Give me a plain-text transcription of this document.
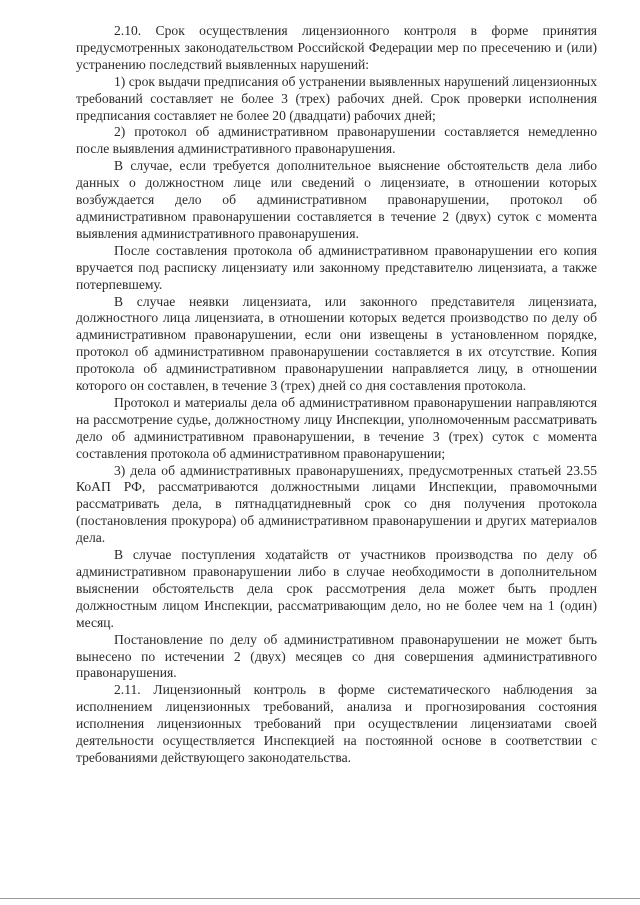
2.10. Срок осуществления лицензионного контроля в форме принятия предусмотренных законодательством Российской Федерации мер по пресечению и (или) устранению последствий выявленных нарушений:

1) срок выдачи предписания об устранении выявленных нарушений лицензионных требований составляет не более 3 (трех) рабочих дней. Срок проверки исполнения предписания составляет не более 20 (двадцати) рабочих дней;

2) протокол об административном правонарушении составляется немедленно после выявления административного правонарушения.

В случае, если требуется дополнительное выяснение обстоятельств дела либо данных о должностном лице или сведений о лицензиате, в отношении которых возбуждается дело об административном правонарушении, протокол об административном правонарушении составляется в течение 2 (двух) суток с момента выявления административного правонарушения.

После составления протокола об административном правонарушении его копия вручается под расписку лицензиату или законному представителю лицензиата, а также потерпевшему.

В случае неявки лицензиата, или законного представителя лицензиата, должностного лица лицензиата, в отношении которых ведется производство по делу об административном правонарушении, если они извещены в установленном порядке, протокол об административном правонарушении составляется в их отсутствие. Копия протокола об административном правонарушении направляется лицу, в отношении которого он составлен, в течение 3 (трех) дней со дня составления протокола.

Протокол и материалы дела об административном правонарушении направляются на рассмотрение судье, должностному лицу Инспекции, уполномоченным рассматривать дело об административном правонарушении, в течение 3 (трех) суток с момента составления протокола об административном правонарушении;

3) дела об административных правонарушениях, предусмотренных статьей 23.55 КоАП РФ, рассматриваются должностными лицами Инспекции, правомочными рассматривать дела, в пятнадцатидневный срок со дня получения протокола (постановления прокурора) об административном правонарушении и других материалов дела.

В случае поступления ходатайств от участников производства по делу об административном правонарушении либо в случае необходимости в дополнительном выяснении обстоятельств дела срок рассмотрения дела может быть продлен должностным лицом Инспекции, рассматривающим дело, но не более чем на 1 (один) месяц.

Постановление по делу об административном правонарушении не может быть вынесено по истечении 2 (двух) месяцев со дня совершения административного правонарушения.

2.11. Лицензионный контроль в форме систематического наблюдения за исполнением лицензионных требований, анализа и прогнозирования состояния исполнения лицензионных требований при осуществлении лицензиатами своей деятельности осуществляется Инспекцией на постоянной основе в соответствии с требованиями действующего законодательства.
